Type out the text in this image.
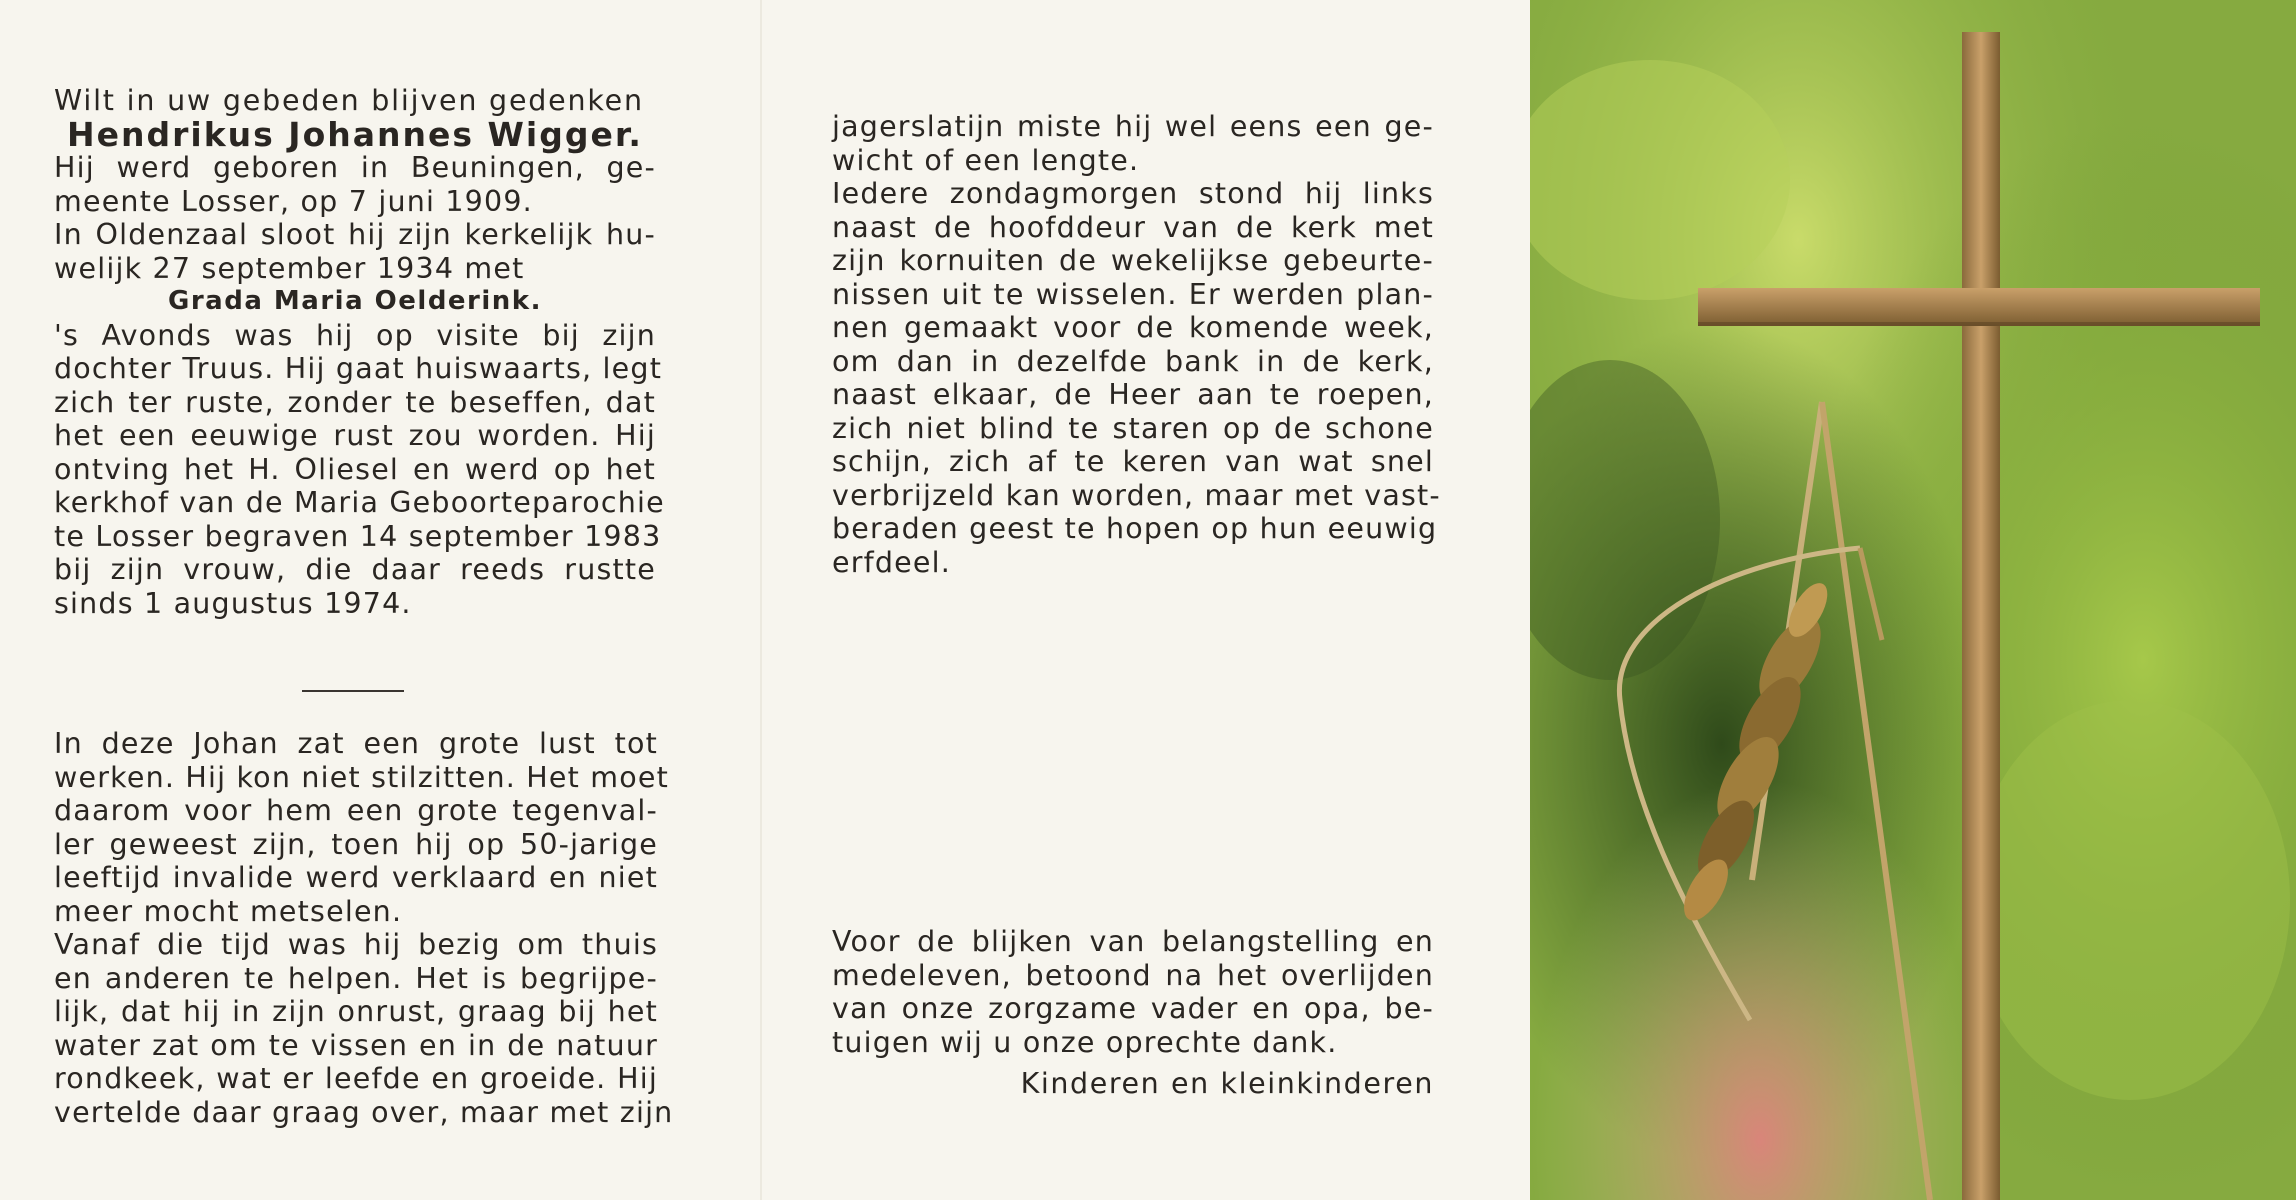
Wilt in uw gebeden blijven gedenken
Hendrikus Johannes Wigger.
Hij werd geboren in Beuningen, ge-
meente Losser, op 7 juni 1909.
In Oldenzaal sloot hij zijn kerkelijk hu-
welijk 27 september 1934 met
Grada Maria Oelderink.
's Avonds was hij op visite bij zijn
dochter Truus. Hij gaat huiswaarts, legt
zich ter ruste, zonder te beseffen, dat
het een eeuwige rust zou worden. Hij
ontving het H. Oliesel en werd op het
kerkhof van de Maria Geboorteparochie
te Losser begraven 14 september 1983
bij zijn vrouw, die daar reeds rustte
sinds 1 augustus 1974.
In deze Johan zat een grote lust tot
werken. Hij kon niet stilzitten. Het moet
daarom voor hem een grote tegenval-
ler geweest zijn, toen hij op 50-jarige
leeftijd invalide werd verklaard en niet
meer mocht metselen.
Vanaf die tijd was hij bezig om thuis
en anderen te helpen. Het is begrijpe-
lijk, dat hij in zijn onrust, graag bij het
water zat om te vissen en in de natuur
rondkeek, wat er leefde en groeide. Hij
vertelde daar graag over, maar met zijn
jagerslatijn miste hij wel eens een ge-
wicht of een lengte.
Iedere zondagmorgen stond hij links
naast de hoofddeur van de kerk met
zijn kornuiten de wekelijkse gebeurte-
nissen uit te wisselen. Er werden plan-
nen gemaakt voor de komende week,
om dan in dezelfde bank in de kerk,
naast elkaar, de Heer aan te roepen,
zich niet blind te staren op de schone
schijn, zich af te keren van wat snel
verbrijzeld kan worden, maar met vast-
beraden geest te hopen op hun eeuwig
erfdeel.
Voor de blijken van belangstelling en
medeleven, betoond na het overlijden
van onze zorgzame vader en opa, be-
tuigen wij u onze oprechte dank.
Kinderen en kleinkinderen
